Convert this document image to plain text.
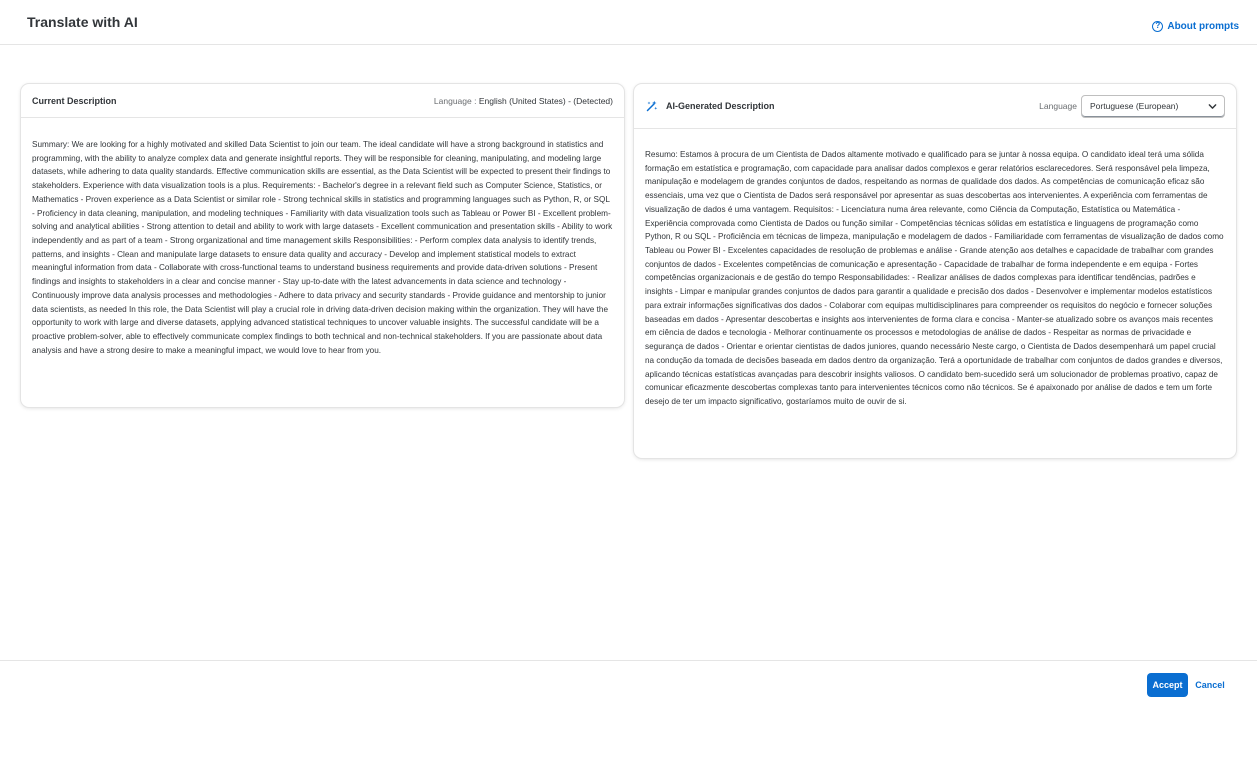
Translate with AI	? About prompts
Current Description	Language : English (United States) - (Detected)
Summary: We are looking for a highly motivated and skilled Data Scientist to join our team. The ideal candidate will have a strong background in statistics and programming, with the ability to analyze complex data and generate insightful reports. They will be responsible for cleaning, manipulating, and modeling large datasets, while adhering to data quality standards. Effective communication skills are essential, as the Data Scientist will be expected to present their findings to stakeholders. Experience with data visualization tools is a plus. Requirements: - Bachelor's degree in a relevant field such as Computer Science, Statistics, or Mathematics - Proven experience as a Data Scientist or similar role - Strong technical skills in statistics and programming languages such as Python, R, or SQL - Proficiency in data cleaning, manipulation, and modeling techniques - Familiarity with data visualization tools such as Tableau or Power BI - Excellent problem-solving and analytical abilities - Strong attention to detail and ability to work with large datasets - Excellent communication and presentation skills - Ability to work independently and as part of a team - Strong organizational and time management skills Responsibilities: - Perform complex data analysis to identify trends, patterns, and insights - Clean and manipulate large datasets to ensure data quality and accuracy - Develop and implement statistical models to extract meaningful information from data - Collaborate with cross-functional teams to understand business requirements and provide data-driven solutions - Present findings and insights to stakeholders in a clear and concise manner - Stay up-to-date with the latest advancements in data science and technology - Continuously improve data analysis processes and methodologies - Adhere to data privacy and security standards - Provide guidance and mentorship to junior data scientists, as needed In this role, the Data Scientist will play a crucial role in driving data-driven decision making within the organization. They will have the opportunity to work with large and diverse datasets, applying advanced statistical techniques to uncover valuable insights. The successful candidate will be a proactive problem-solver, able to effectively communicate complex findings to both technical and non-technical stakeholders. If you are passionate about data analysis and have a strong desire to make a meaningful impact, we would love to hear from you.
AI-Generated Description	Language Portuguese (European)
Resumo: Estamos à procura de um Cientista de Dados altamente motivado e qualificado para se juntar à nossa equipa. O candidato ideal terá uma sólida formação em estatística e programação, com capacidade para analisar dados complexos e gerar relatórios esclarecedores. Será responsável pela limpeza, manipulação e modelagem de grandes conjuntos de dados, respeitando as normas de qualidade dos dados. As competências de comunicação eficaz são essenciais, uma vez que o Cientista de Dados será responsável por apresentar as suas descobertas aos intervenientes. A experiência com ferramentas de visualização de dados é uma vantagem. Requisitos: - Licenciatura numa área relevante, como Ciência da Computação, Estatística ou Matemática - Experiência comprovada como Cientista de Dados ou função similar - Competências técnicas sólidas em estatística e linguagens de programação como Python, R ou SQL - Proficiência em técnicas de limpeza, manipulação e modelagem de dados - Familiaridade com ferramentas de visualização de dados como Tableau ou Power BI - Excelentes capacidades de resolução de problemas e análise - Grande atenção aos detalhes e capacidade de trabalhar com grandes conjuntos de dados - Excelentes competências de comunicação e apresentação - Capacidade de trabalhar de forma independente e em equipa - Fortes competências organizacionais e de gestão do tempo Responsabilidades: - Realizar análises de dados complexas para identificar tendências, padrões e insights - Limpar e manipular grandes conjuntos de dados para garantir a qualidade e precisão dos dados - Desenvolver e implementar modelos estatísticos para extrair informações significativas dos dados - Colaborar com equipas multidisciplinares para compreender os requisitos do negócio e fornecer soluções baseadas em dados - Apresentar descobertas e insights aos intervenientes de forma clara e concisa - Manter-se atualizado sobre os avanços mais recentes em ciência de dados e tecnologia - Melhorar continuamente os processos e metodologias de análise de dados - Respeitar as normas de privacidade e segurança de dados - Orientar e orientar cientistas de dados juniores, quando necessário Neste cargo, o Cientista de Dados desempenhará um papel crucial na condução da tomada de decisões baseada em dados dentro da organização. Terá a oportunidade de trabalhar com conjuntos de dados grandes e diversos, aplicando técnicas estatísticas avançadas para descobrir insights valiosos. O candidato bem-sucedido será um solucionador de problemas proativo, capaz de comunicar eficazmente descobertas complexas tanto para intervenientes técnicos como não técnicos. Se é apaixonado por análise de dados e tem um forte desejo de ter um impacto significativo, gostaríamos muito de ouvir de si.
Accept	Cancel
